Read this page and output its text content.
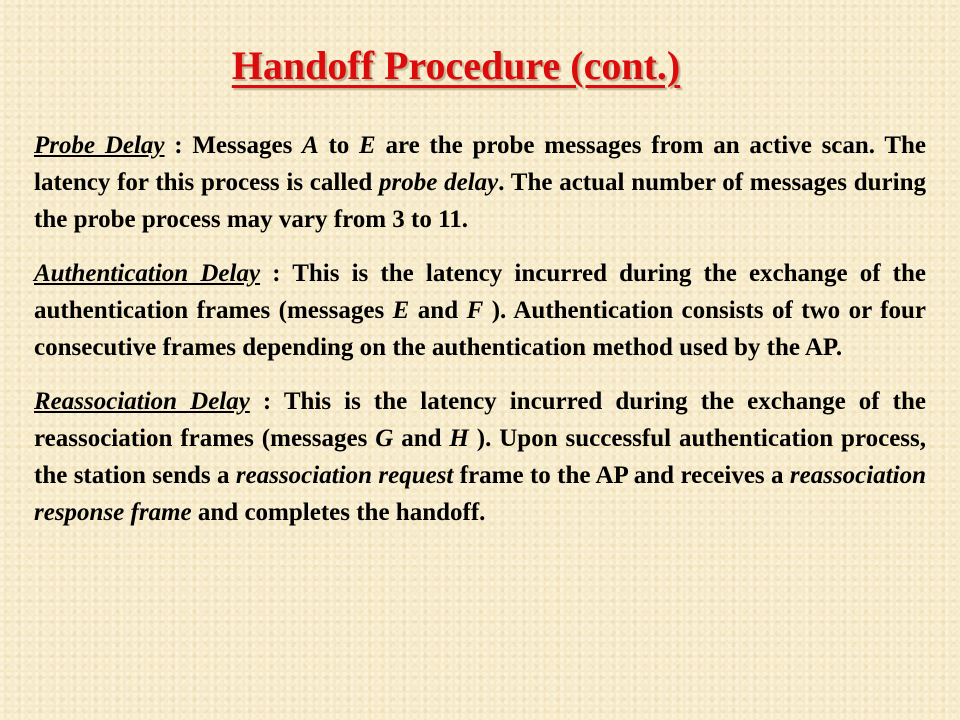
Handoff Procedure (cont.)

Probe Delay : Messages A to E are the probe messages from an active scan. The latency for this process is called probe delay. The actual number of messages during the probe process may vary from 3 to 11.

Authentication Delay : This is the latency incurred during the exchange of the authentication frames (messages E and F ). Authentication consists of two or four consecutive frames depending on the authentication method used by the AP.

Reassociation Delay : This is the latency incurred during the exchange of the reassociation frames (messages G and H ). Upon successful authentication process, the station sends a reassociation request frame to the AP and receives a reassociation response frame and completes the handoff.
